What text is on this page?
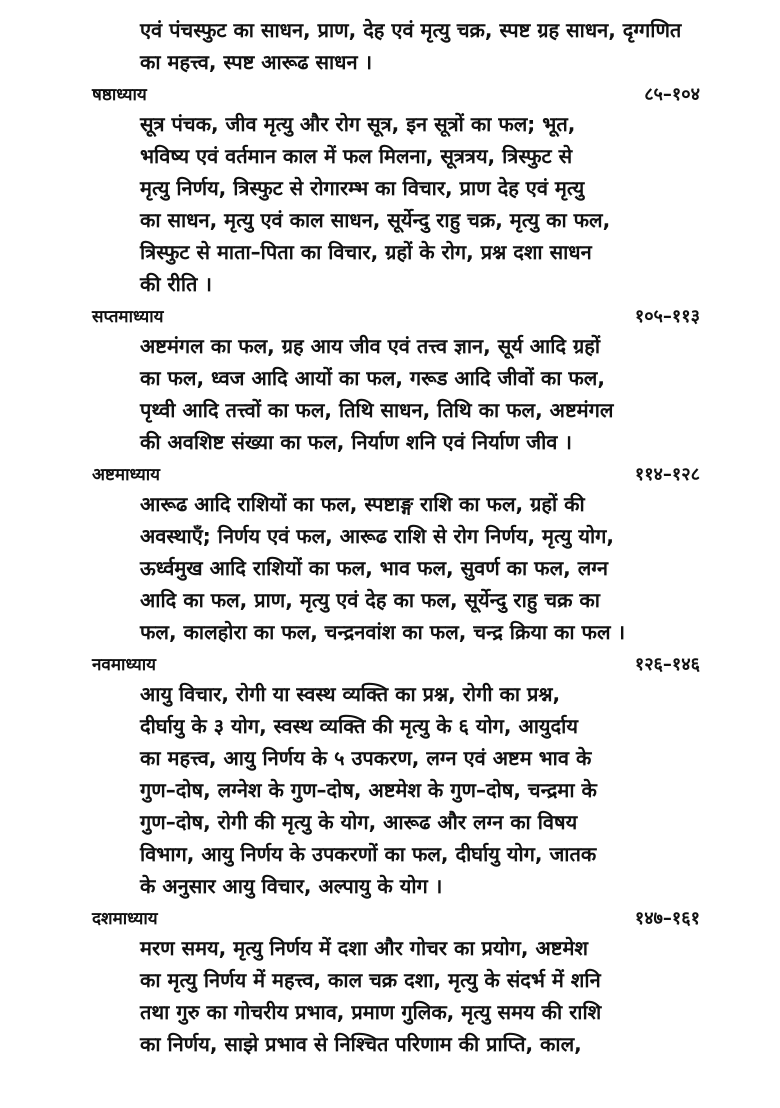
एवं पंचस्फुट का साधन, प्राण, देह एवं मृत्यु चक्र, स्पष्ट ग्रह साधन, दृग्गणित का महत्त्व, स्पष्ट आरूढ साधन ।
षष्ठाध्याय	८५–१०४
सूत्र पंचक, जीव मृत्यु और रोग सूत्र, इन सूत्रों का फल; भूत,
भविष्य एवं वर्तमान काल में फल मिलना, सूत्रत्रय, त्रिस्फुट से
मृत्यु निर्णय, त्रिस्फुट से रोगारम्भ का विचार, प्राण देह एवं मृत्यु
का साधन, मृत्यु एवं काल साधन, सूर्येन्दु राहु चक्र, मृत्यु का फल,
त्रिस्फुट से माता–पिता का विचार, ग्रहों के रोग, प्रश्न दशा साधन
की रीति ।
सप्तमाध्याय	१०५–११३
अष्टमंगल का फल, ग्रह आय जीव एवं तत्त्व ज्ञान, सूर्य आदि ग्रहों
का फल, ध्वज आदि आयों का फल, गरूड आदि जीवों का फल,
पृथ्वी आदि तत्त्वों का फल, तिथि साधन, तिथि का फल, अष्टमंगल
की अवशिष्ट संख्या का फल, निर्याण शनि एवं निर्याण जीव ।
अष्टमाध्याय	११४–१२८
आरूढ आदि राशियों का फल, स्पष्टाङ्ग राशि का फल, ग्रहों की
अवस्थाएँ; निर्णय एवं फल, आरूढ राशि से रोग निर्णय, मृत्यु योग,
ऊर्ध्वमुख आदि राशियों का फल, भाव फल, सुवर्ण का फल, लग्न
आदि का फल, प्राण, मृत्यु एवं देह का फल, सूर्येन्दु राहु चक्र का
फल, कालहोरा का फल, चन्द्रनवांश का फल, चन्द्र क्रिया का फल ।
नवमाध्याय	१२६–१४६
आयु विचार, रोगी या स्वस्थ व्यक्ति का प्रश्न, रोगी का प्रश्न,
दीर्घायु के ३ योग, स्वस्थ व्यक्ति की मृत्यु के ६ योग, आयुर्दाय
का महत्त्व, आयु निर्णय के ५ उपकरण, लग्न एवं अष्टम भाव के
गुण–दोष, लग्नेश के गुण–दोष, अष्टमेश के गुण–दोष, चन्द्रमा के
गुण–दोष, रोगी की मृत्यु के योग, आरूढ और लग्न का विषय
विभाग, आयु निर्णय के उपकरणों का फल, दीर्घायु योग, जातक
के अनुसार आयु विचार, अल्पायु के योग ।
दशमाध्याय	१४७–१६१
मरण समय, मृत्यु निर्णय में दशा और गोचर का प्रयोग, अष्टमेश
का मृत्यु निर्णय में महत्त्व, काल चक्र दशा, मृत्यु के संदर्भ में शनि
तथा गुरु का गोचरीय प्रभाव, प्रमाण गुलिक, मृत्यु समय की राशि
का निर्णय, साझे प्रभाव से निश्चित परिणाम की प्राप्ति, काल,
